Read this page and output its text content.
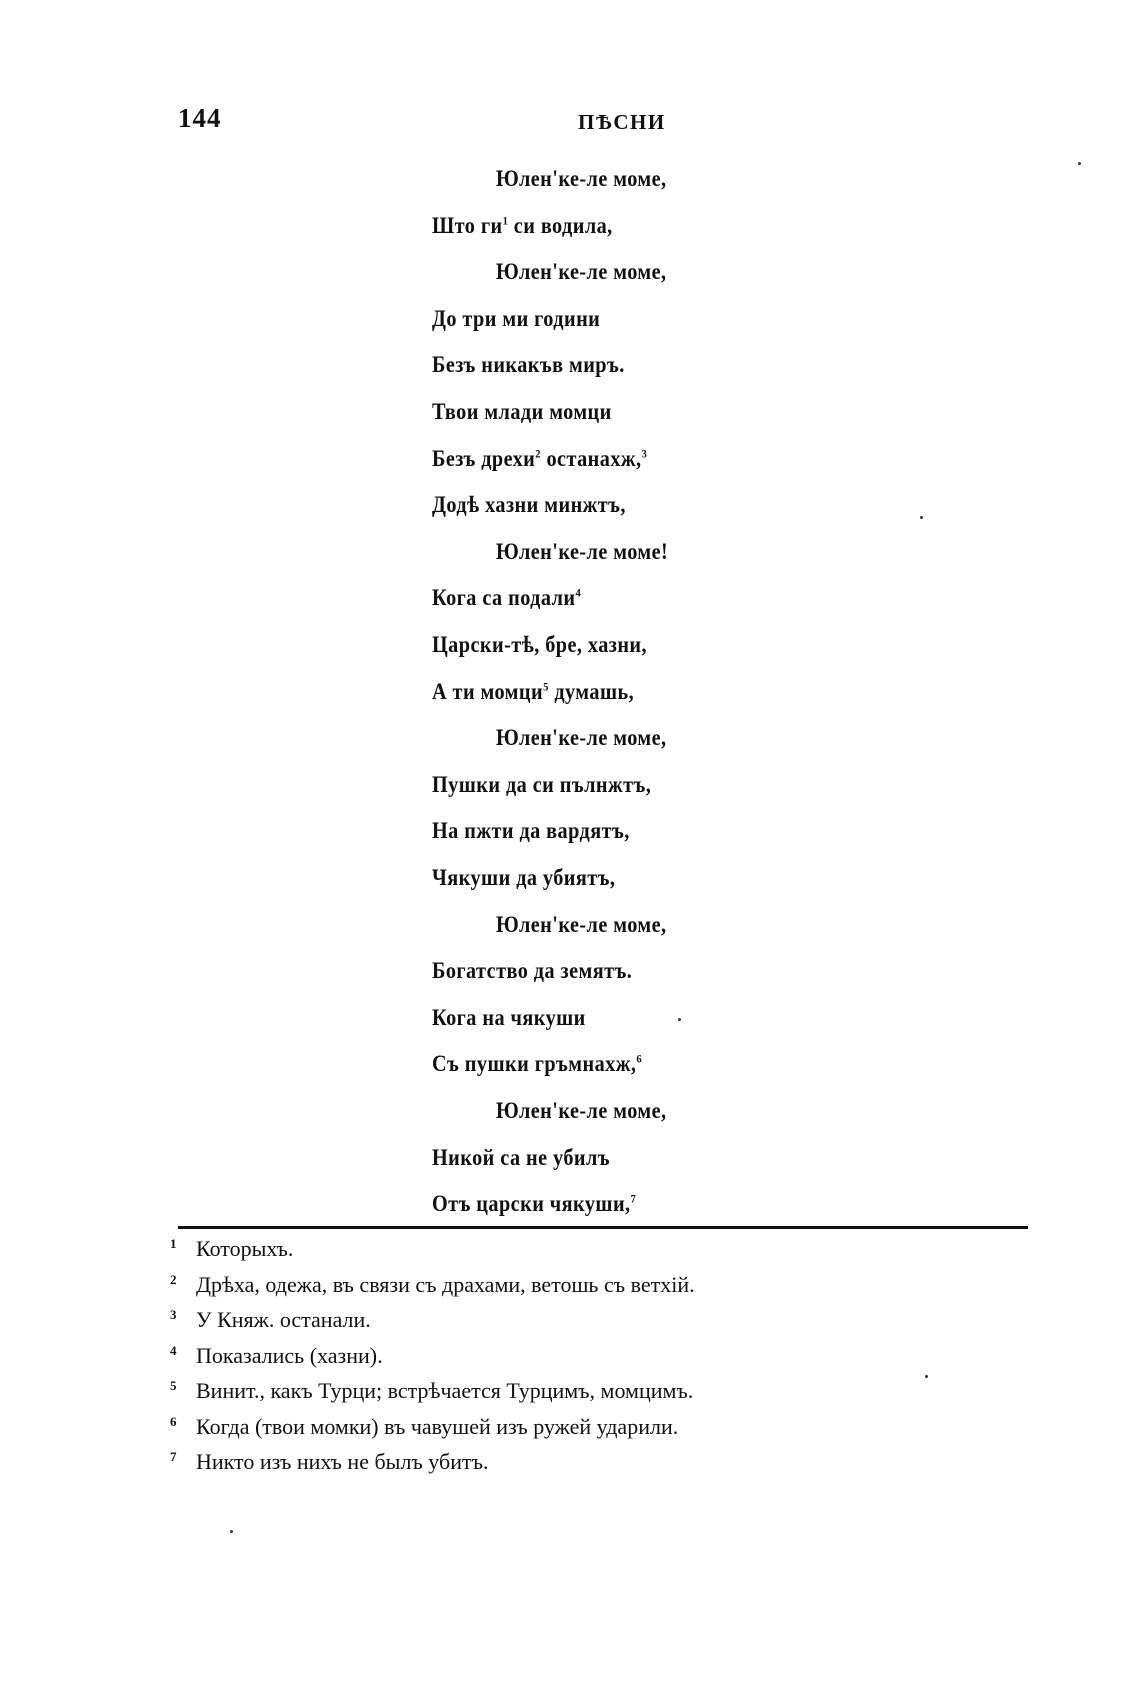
144	ПѢСНИ
Юлен'ке-ле моме,
Што $ги^1$ си водила,
Юлен'ке-ле моме,
До три ми години
Безъ никакъв миръ.
Твои млади момци
Безъ дрехи$^2$ останахж,$^3$
Додѣ хазни минжтъ,
Юлен'ке-ле моме!
Кога са подали$^4$
Царски-тѣ, бре, хазни,
А ти момци$^5$ думашь,
Юлен'ке-ле моме,
Пушки да си пълнжтъ,
На пжти да вардятъ,
Чякуши да убиятъ,
Юлен'ке-ле моме,
Богатство да земятъ.
Кога на чякуши
Съ пушки гръмнахж,$^6$
Юлен'ке-ле моме,
Никой са не убилъ
Отъ царски чякуши,$^7$
1 Которыхъ.
2 Дрѣха, одежа, въ связи съ драхами, ветошь съ ветхій.
3 У Княж. останали.
4 Показались (хазни).
5 Винит., какъ Турци; встрѣчается Турцимъ, момцимъ.
6 Когда (твои момки) въ чавушей изъ ружей ударили.
7 Никто изъ нихъ не былъ убитъ.
